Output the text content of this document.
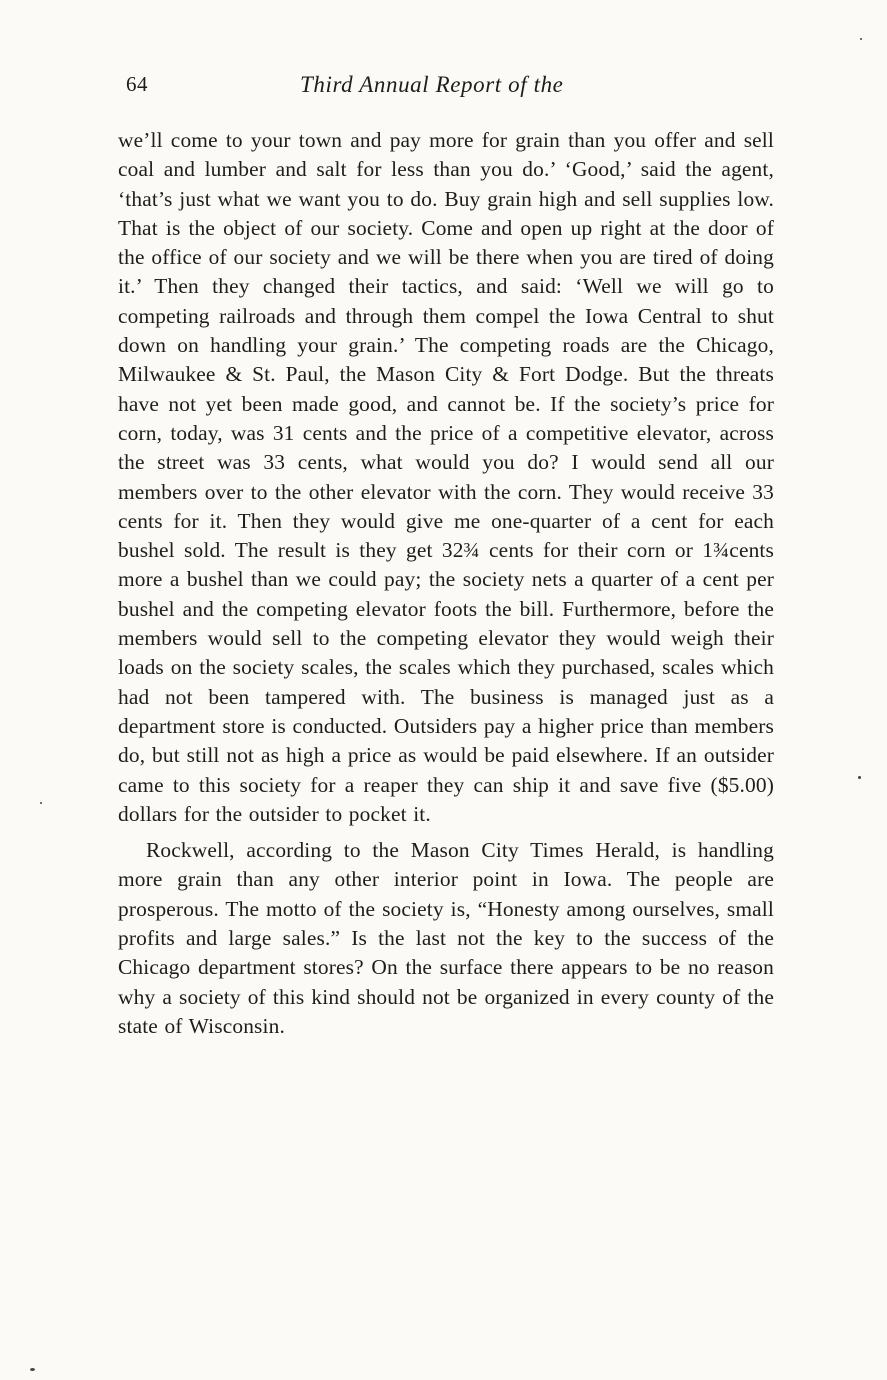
64	Third Annual Report of the

we’ll come to your town and pay more for grain than you offer and sell coal and lumber and salt for less than you do.’ ‘Good,’ said the agent, ‘that’s just what we want you to do. Buy grain high and sell supplies low. That is the object of our society. Come and open up right at the door of the office of our society and we will be there when you are tired of doing it.’ Then they changed their tactics, and said: ‘Well we will go to competing railroads and through them compel the Iowa Central to shut down on handling your grain.’ The competing roads are the Chicago, Milwaukee & St. Paul, the Mason City & Fort Dodge. But the threats have not yet been made good, and cannot be. If the society’s price for corn, today, was 31 cents and the price of a competitive elevator, across the street was 33 cents, what would you do? I would send all our members over to the other elevator with the corn. They would receive 33 cents for it. Then they would give me one-quarter of a cent for each bushel sold. The result is they get 32¾ cents for their corn or 1¾cents more a bushel than we could pay; the society nets a quarter of a cent per bushel and the competing elevator foots the bill. Furthermore, before the members would sell to the competing elevator they would weigh their loads on the society scales, the scales which they purchased, scales which had not been tampered with. The business is managed just as a department store is conducted. Outsiders pay a higher price than members do, but still not as high a price as would be paid elsewhere. If an outsider came to this society for a reaper they can ship it and save five ($5.00) dollars for the outsider to pocket it.

Rockwell, according to the Mason City Times Herald, is handling more grain than any other interior point in Iowa. The people are prosperous. The motto of the society is, “Honesty among ourselves, small profits and large sales.” Is the last not the key to the success of the Chicago department stores? On the surface there appears to be no reason why a society of this kind should not be organized in every county of the state of Wisconsin.
